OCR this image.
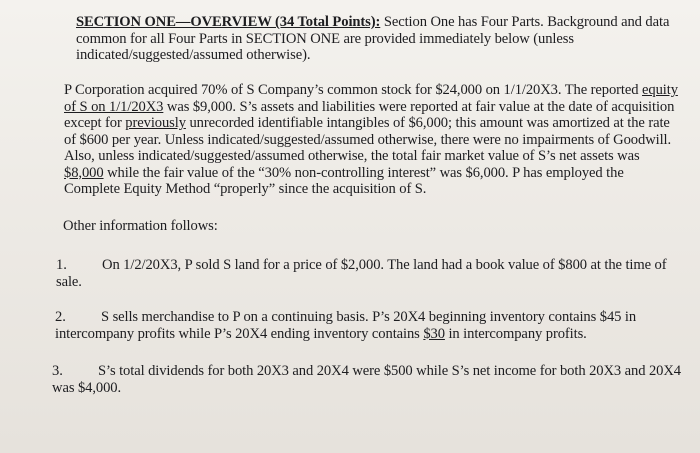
SECTION ONE—OVERVIEW (34 Total Points): Section One has Four Parts. Background and data common for all Four Parts in SECTION ONE are provided immediately below (unless indicated/suggested/assumed otherwise).

P Corporation acquired 70% of S Company’s common stock for $24,000 on 1/1/20X3. The reported equity of S on 1/1/20X3 was $9,000. S’s assets and liabilities were reported at fair value at the date of acquisition except for previously unrecorded identifiable intangibles of $6,000; this amount was amortized at the rate of $600 per year. Unless indicated/suggested/assumed otherwise, there were no impairments of Goodwill. Also, unless indicated/suggested/assumed otherwise, the total fair market value of S’s net assets was $8,000 while the fair value of the “30% non-controlling interest” was $6,000. P has employed the Complete Equity Method “properly” since the acquisition of S.

Other information follows:

1. On 1/2/20X3, P sold S land for a price of $2,000. The land had a book value of $800 at the time of sale.

2. S sells merchandise to P on a continuing basis. P’s 20X4 beginning inventory contains $45 in intercompany profits while P’s 20X4 ending inventory contains $30 in intercompany profits.

3. S’s total dividends for both 20X3 and 20X4 were $500 while S’s net income for both 20X3 and 20X4 was $4,000.
